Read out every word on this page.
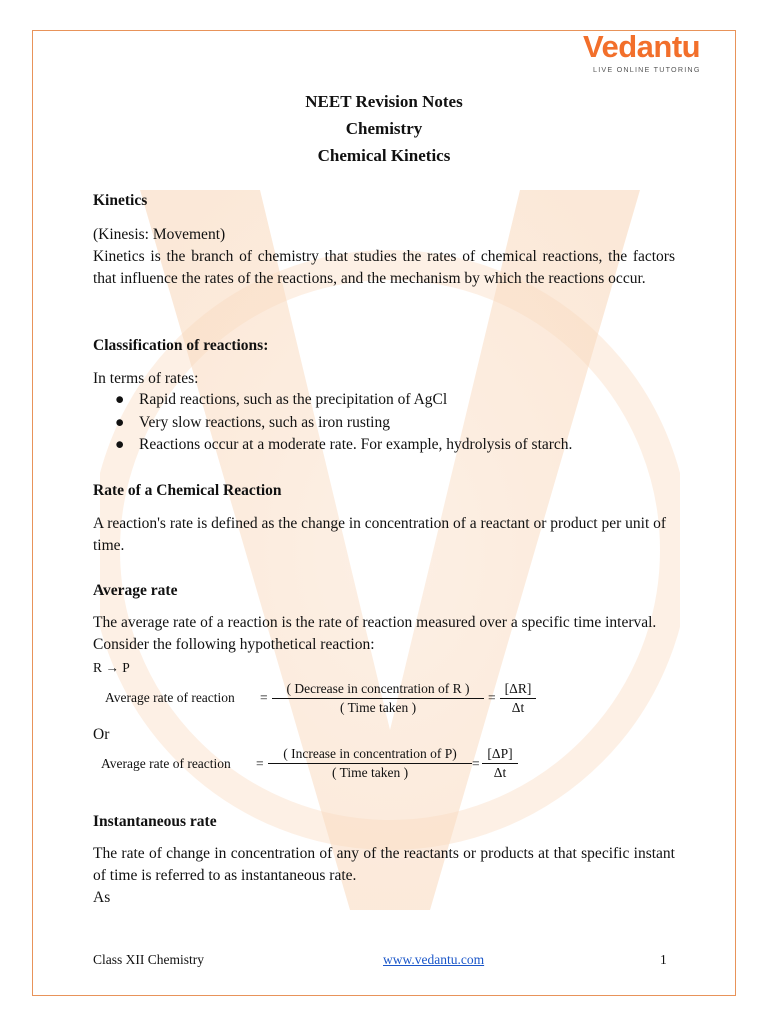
Vedantu
LIVE ONLINE TUTORING
NEET Revision Notes
Chemistry
Chemical Kinetics
Kinetics
(Kinesis: Movement)
Kinetics is the branch of chemistry that studies the rates of chemical reactions, the factors that influence the rates of the reactions, and the mechanism by which the reactions occur.
Classification of reactions:
In terms of rates:
● Rapid reactions, such as the precipitation of AgCl
● Very slow reactions, such as iron rusting
● Reactions occur at a moderate rate. For example, hydrolysis of starch.
Rate of a Chemical Reaction
A reaction's rate is defined as the change in concentration of a reactant or product per unit of time.
Average rate
The average rate of a reaction is the rate of reaction measured over a specific time interval. Consider the following hypothetical reaction:
R → P
Average rate of reaction =
( Decrease in concentration of R )
( Time taken )
=
[ΔR]
Δt
Or
Average rate of reaction =
( Increase in concentration of P)
( Time taken )
=
[ΔP]
Δt
Instantaneous rate
The rate of change in concentration of any of the reactants or products at that specific instant of time is referred to as instantaneous rate.
As
Class XII Chemistry	www.vedantu.com	1
